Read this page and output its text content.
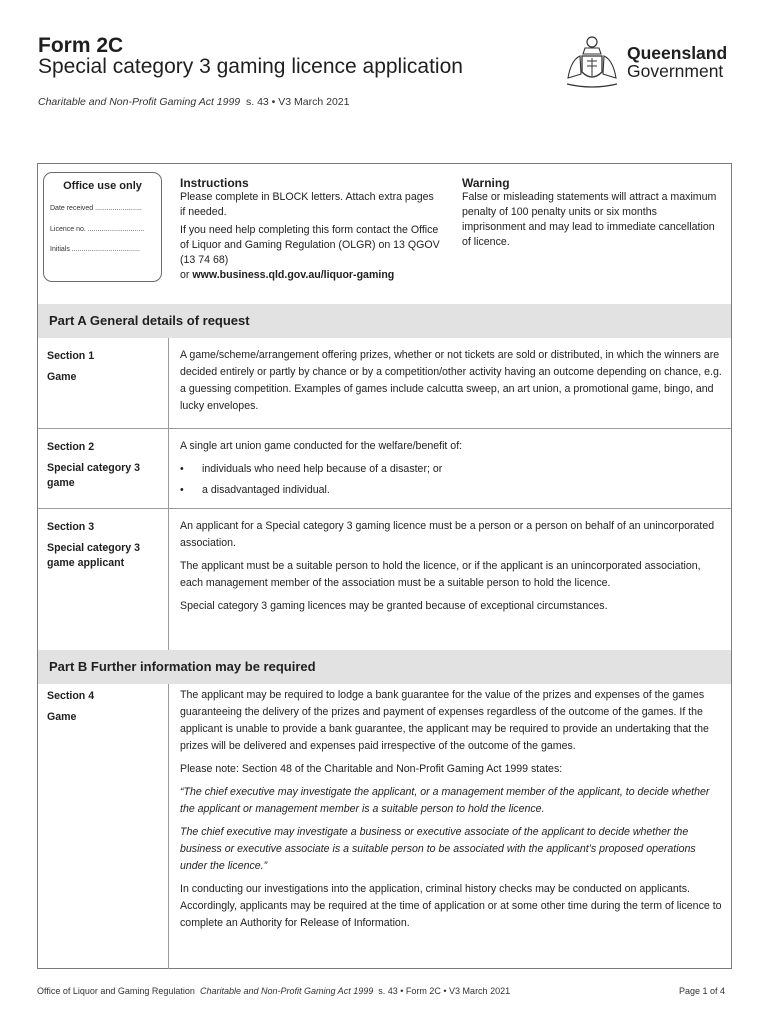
Form 2C
Special category 3 gaming licence application
Charitable and Non-Profit Gaming Act 1999 s. 43 • V3 March 2021
Queensland
Government
Office use only
Date received ........................
Licence no. .............................
Initials ...................................
Instructions
Please complete in BLOCK letters. Attach extra pages if needed.
If you need help completing this form contact the Office of Liquor and Gaming Regulation (OLGR) on 13 QGOV (13 74 68)
or www.business.qld.gov.au/liquor-gaming
Warning
False or misleading statements will attract a maximum penalty of 100 penalty units or six months imprisonment and may lead to immediate cancellation of licence.
Part A General details of request
Section 1
Game

A game/scheme/arrangement offering prizes, whether or not tickets are sold or distributed, in which the winners are decided entirely or partly by chance or by a competition/other activity having an outcome depending on chance, e.g. a guessing competition. Examples of games include calcutta sweep, an art union, a promotional game, bingo, and lucky envelopes.

Section 2
Special category 3 game

A single art union game conducted for the welfare/benefit of:

• individuals who need help because of a disaster; or
• a disadvantaged individual.
Section 3
Special category 3 game applicant

An applicant for a Special category 3 gaming licence must be a person or a person on behalf of an unincorporated association.

The applicant must be a suitable person to hold the licence, or if the applicant is an unincorporated association, each management member of the association must be a suitable person to hold the licence.

Special category 3 gaming licences may be granted because of exceptional circumstances.

Part B Further information may be required
Section 4
Game

The applicant may be required to lodge a bank guarantee for the value of the prizes and expenses of the games guaranteeing the delivery of the prizes and payment of expenses regardless of the outcome of the games. If the applicant is unable to provide a bank guarantee, the applicant may be required to provide an undertaking that the prizes will be delivered and expenses paid irrespective of the outcome of the games.

Please note: Section 48 of the Charitable and Non-Profit Gaming Act 1999 states:

“The chief executive may investigate the applicant, or a management member of the applicant, to decide whether the applicant or management member is a suitable person to hold the licence.

The chief executive may investigate a business or executive associate of the applicant to decide whether the business or executive associate is a suitable person to be associated with the applicant’s proposed operations under the licence.”

In conducting our investigations into the application, criminal history checks may be conducted on applicants. Accordingly, applicants may be required at the time of application or at some other time during the term of licence to complete an Authority for Release of Information.

Office of Liquor and Gaming Regulation Charitable and Non-Profit Gaming Act 1999 s. 43 • Form 2C • V3 March 2021	Page 1 of 4
